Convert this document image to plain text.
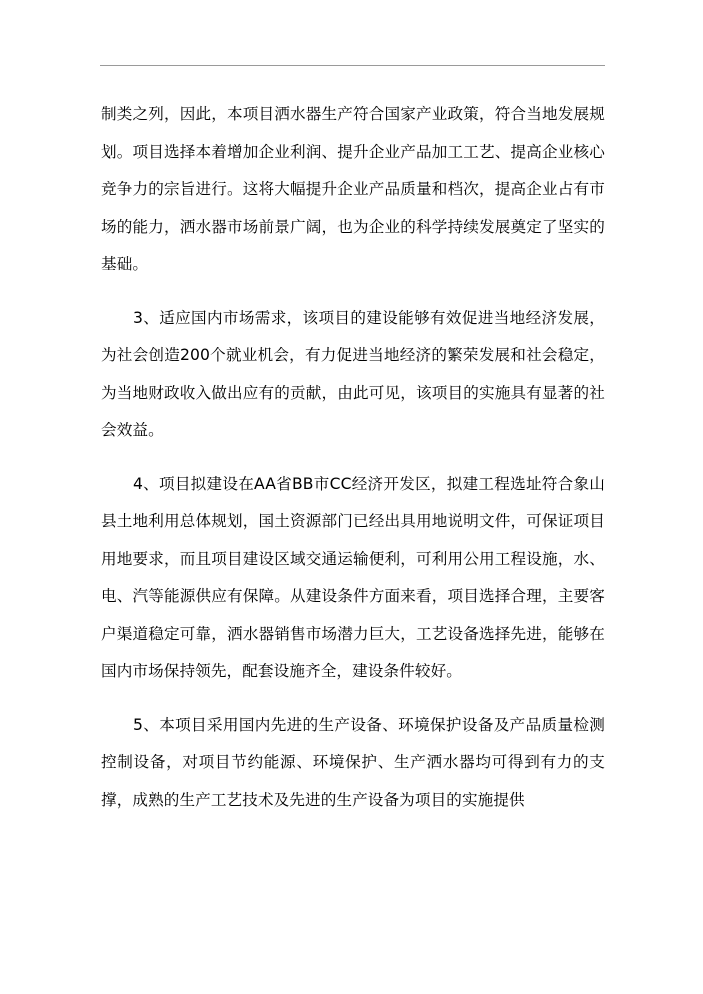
制类之列，因此，本项目洒水器生产符合国家产业政策，符合当地发展规划。项目选择本着增加企业利润、提升企业产品加工工艺、提高企业核心竞争力的宗旨进行。这将大幅提升企业产品质量和档次，提高企业占有市场的能力，洒水器市场前景广阔，也为企业的科学持续发展奠定了坚实的基础。

3、适应国内市场需求，该项目的建设能够有效促进当地经济发展，为社会创造200个就业机会，有力促进当地经济的繁荣发展和社会稳定，为当地财政收入做出应有的贡献，由此可见，该项目的实施具有显著的社会效益。

4、项目拟建设在AA省BB市CC经济开发区，拟建工程选址符合象山县土地利用总体规划，国土资源部门已经出具用地说明文件，可保证项目用地要求，而且项目建设区域交通运输便利，可利用公用工程设施，水、电、汽等能源供应有保障。从建设条件方面来看，项目选择合理，主要客户渠道稳定可靠，洒水器销售市场潜力巨大，工艺设备选择先进，能够在国内市场保持领先，配套设施齐全，建设条件较好。

5、本项目采用国内先进的生产设备、环境保护设备及产品质量检测控制设备，对项目节约能源、环境保护、生产洒水器均可得到有力的支撑，成熟的生产工艺技术及先进的生产设备为项目的实施提供
